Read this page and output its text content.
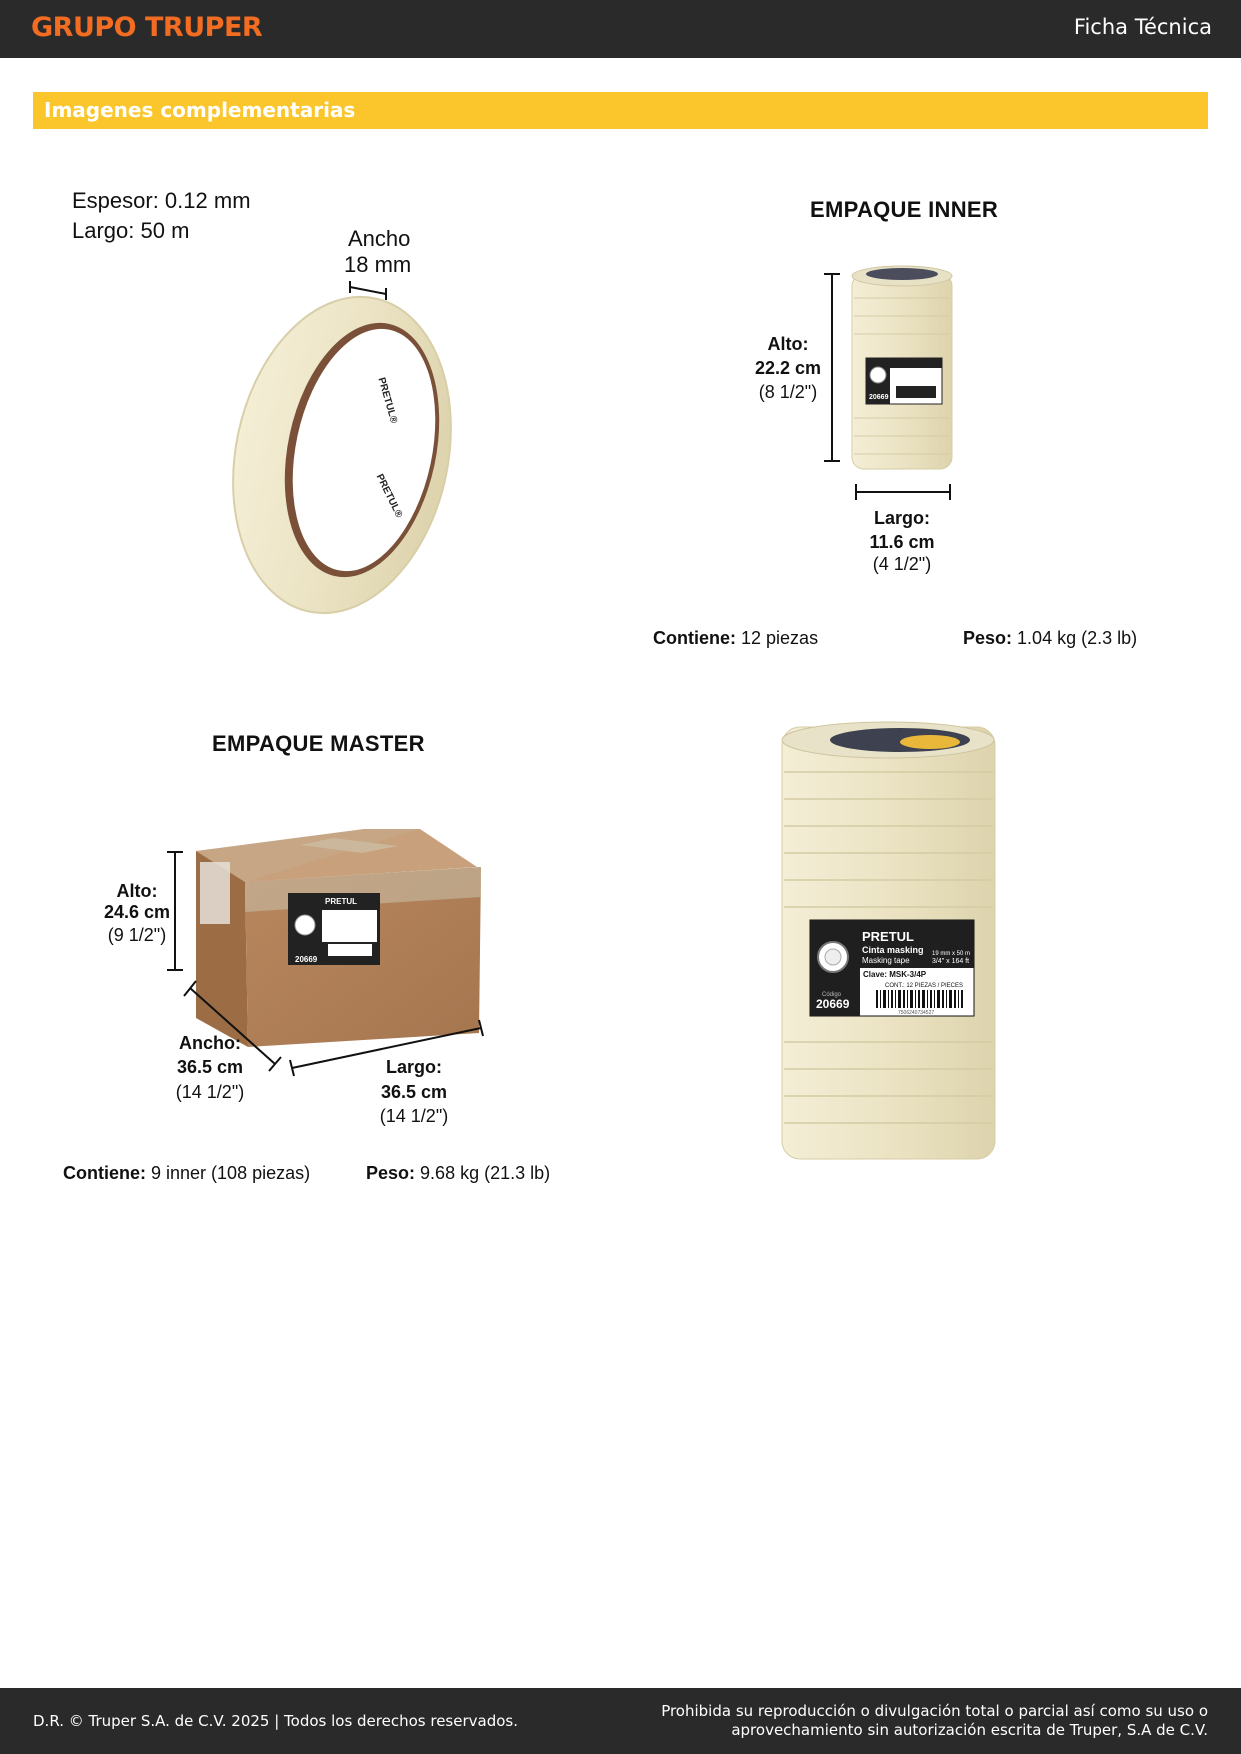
GRUPO TRUPER	Ficha Técnica
Imagenes complementarias
PRETUL®
PRETUL®
20669
PRETUL
20669
PRETUL
Cinta masking
Masking tape
19 mm x 50 m
3/4" x 164 ft
Clave: MSK-3/4P
CONT.: 12 PIEZAS / PIECES
Código
20669
7506240734527
Espesor: 0.12 mm
Largo: 50 m	Ancho
18 mm
EMPAQUE INNER
Alto:
22.2 cm
(8 1/2")
Largo:
11.6 cm
(4 1/2")
Contiene: 12 piezas	Peso: 1.04 kg (2.3 lb)
EMPAQUE MASTER
Alto:
24.6 cm
(9 1/2")
Ancho:
36.5 cm
(14 1/2")
Largo:
36.5 cm
(14 1/2")
Contiene: 9 inner (108 piezas)	Peso: 9.68 kg (21.3 lb)
D.R. © Truper S.A. de C.V. 2025 | Todos los derechos reservados.
Prohibida su reproducción o divulgación total o parcial así como su uso o
aprovechamiento sin autorización escrita de Truper, S.A de C.V.
